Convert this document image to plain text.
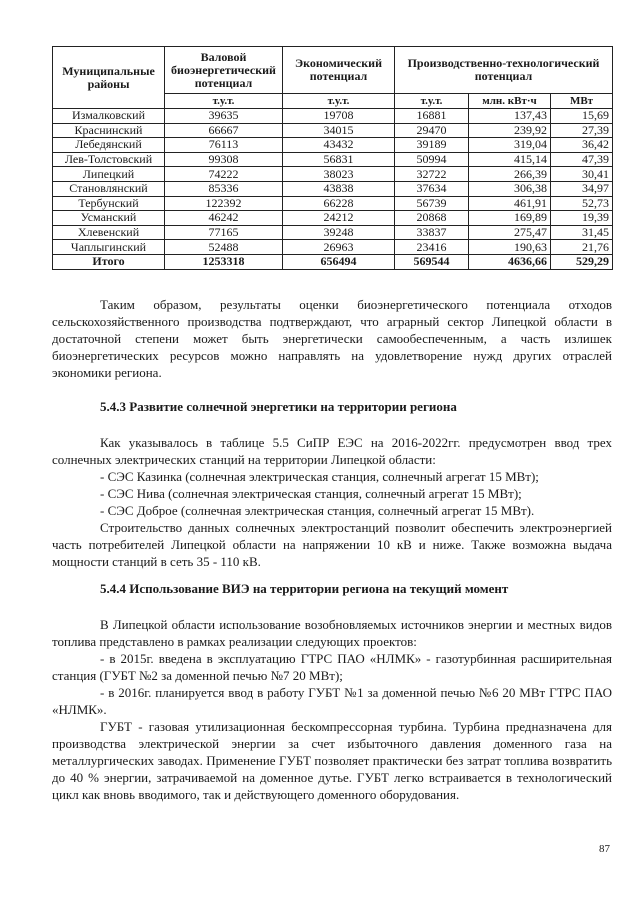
Муниципальные районы	Валовой биоэнергетический потенциал	Экономический потенциал	Производственно-технологический потенциал		
	т.у.т.	т.у.т.	т.у.т.	млн. кВт·ч	МВт
Измалковский	39635	19708	16881	137,43	15,69
Краснинский	66667	34015	29470	239,92	27,39
Лебедянский	76113	43432	39189	319,04	36,42
Лев-Толстовский	99308	56831	50994	415,14	47,39
Липецкий	74222	38023	32722	266,39	30,41
Становлянский	85336	43838	37634	306,38	34,97
Тербунский	122392	66228	56739	461,91	52,73
Усманский	46242	24212	20868	169,89	19,39
Хлевенский	77165	39248	33837	275,47	31,45
Чаплыгинский	52488	26963	23416	190,63	21,76
Итого	1253318	656494	569544	4636,66	529,29

Таким образом, результаты оценки биоэнергетического потенциала отходов сельскохозяйственного производства подтверждают, что аграрный сектор Липецкой области в достаточной степени может быть энергетически самообеспеченным, а часть излишек биоэнергетических ресурсов можно направлять на удовлетворение нужд других отраслей экономики региона.

5.4.3 Развитие солнечной энергетики на территории региона

Как указывалось в таблице 5.5 СиПР ЕЭС на 2016-2022гг. предусмотрен ввод трех солнечных электрических станций на территории Липецкой области:

- СЭС Казинка (солнечная электрическая станция, солнечный агрегат 15 МВт);

- СЭС Нива (солнечная электрическая станция, солнечный агрегат 15 МВт);

- СЭС Доброе (солнечная электрическая станция, солнечный агрегат 15 МВт).

Строительство данных солнечных электростанций позволит обеспечить электроэнергией часть потребителей Липецкой области на напряжении 10 кВ и ниже. Также возможна выдача мощности станций в сеть 35 - 110 кВ.

5.4.4 Использование ВИЭ на территории региона на текущий момент

В Липецкой области использование возобновляемых источников энергии и местных видов топлива представлено в рамках реализации следующих проектов:

- в 2015г. введена в эксплуатацию ГТРС ПАО «НЛМК» - газотурбинная расширительная станция (ГУБТ №2 за доменной печью №7 20 МВт);

- в 2016г. планируется ввод в работу ГУБТ №1 за доменной печью №6 20 МВт ГТРС ПАО «НЛМК».

ГУБТ - газовая утилизационная бескомпрессорная турбина. Турбина предназначена для производства электрической энергии за счет избыточного давления доменного газа на металлургических заводах. Применение ГУБТ позволяет практически без затрат топлива возвратить до 40 % энергии, затрачиваемой на доменное дутье. ГУБТ легко встраивается в технологический цикл как вновь вводимого, так и действующего доменного оборудования.

87
